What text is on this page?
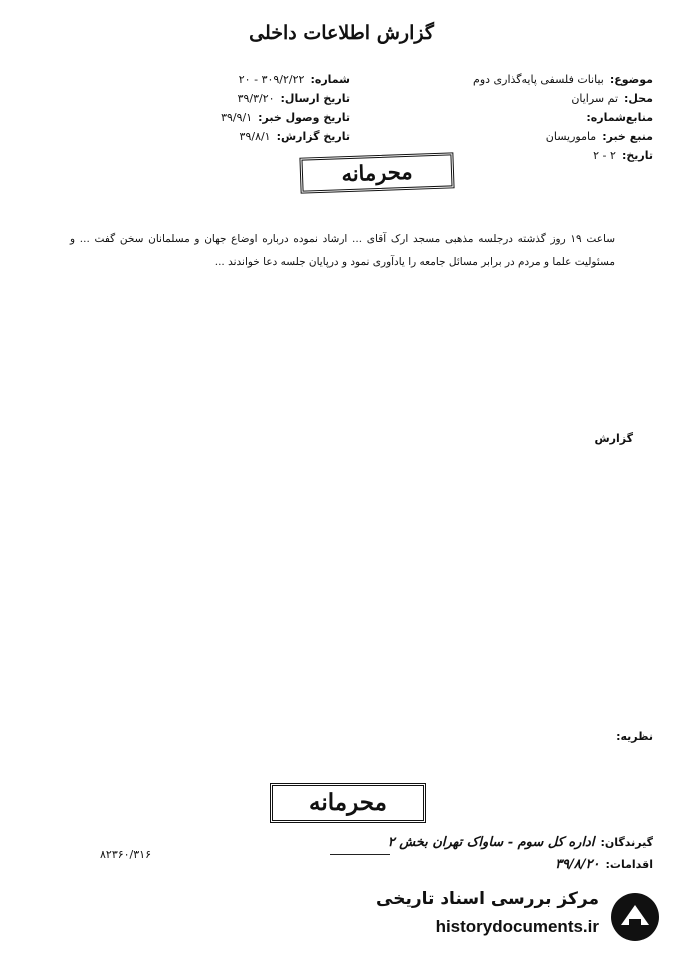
گزارش اطلاعات داخلی
موضوع:بیانات فلسفی پایه‌گذاری دوم
محل:تم سرایان
منابع‌شماره:
منبع خبر:ماموریسان
تاریخ:۲ - ۲
شماره:۳۰۹/۲/۲۲ - ۲۰
تاریخ ارسال:۳۹/۳/۲۰
تاریخ وصول خبر:۳۹/۹/۱
تاریخ گزارش:۳۹/۸/۱
محرمانه
گزارش
ساعت ۱۹ روز گذشته درجلسه مذهبی مسجد ارک آقای ... ارشاد نموده درباره اوضاع جهان و مسلمانان سخن گفت ... و مسئولیت علما و مردم در برابر مسائل جامعه را یادآوری نمود و درپایان جلسه دعا خواندند ...
نظریه:
محرمانه
گیرندگان:اداره کل سوم - ساواک تهران بخش ۲
اقدامات:۳۹/۸/۲۰
۸۲۳۶۰/۳۱۶
مرکز بررسی اسناد تاریخی
historydocuments.ir
